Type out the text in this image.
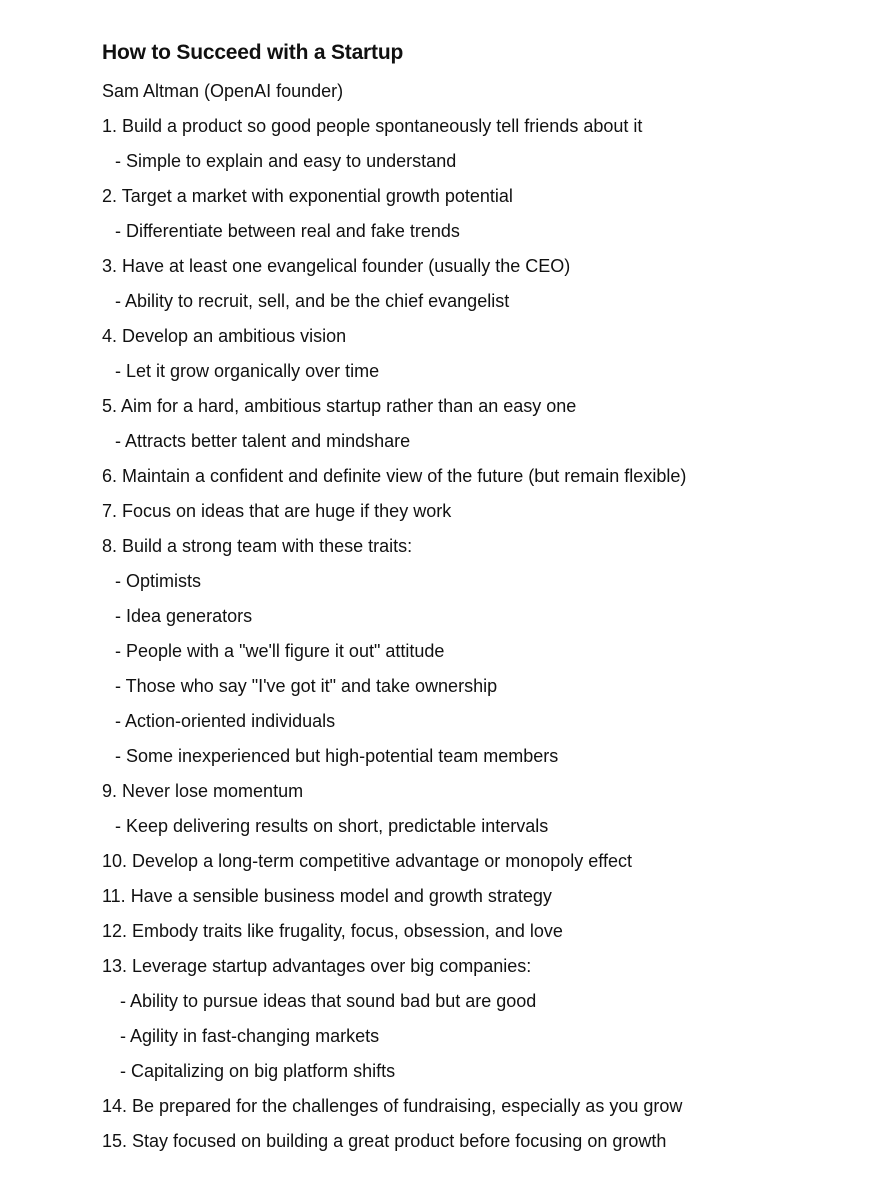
How to Succeed with a Startup
Sam Altman (OpenAI founder)
1. Build a product so good people spontaneously tell friends about it
- Simple to explain and easy to understand
2. Target a market with exponential growth potential
- Differentiate between real and fake trends
3. Have at least one evangelical founder (usually the CEO)
- Ability to recruit, sell, and be the chief evangelist
4. Develop an ambitious vision
- Let it grow organically over time
5. Aim for a hard, ambitious startup rather than an easy one
- Attracts better talent and mindshare
6. Maintain a confident and definite view of the future (but remain flexible)
7. Focus on ideas that are huge if they work
8. Build a strong team with these traits:
- Optimists
- Idea generators
- People with a "we'll figure it out" attitude
- Those who say "I've got it" and take ownership
- Action-oriented individuals
- Some inexperienced but high-potential team members
9. Never lose momentum
- Keep delivering results on short, predictable intervals
10. Develop a long-term competitive advantage or monopoly effect
11. Have a sensible business model and growth strategy
12. Embody traits like frugality, focus, obsession, and love
13. Leverage startup advantages over big companies:
- Ability to pursue ideas that sound bad but are good
- Agility in fast-changing markets
- Capitalizing on big platform shifts
14. Be prepared for the challenges of fundraising, especially as you grow
15. Stay focused on building a great product before focusing on growth
